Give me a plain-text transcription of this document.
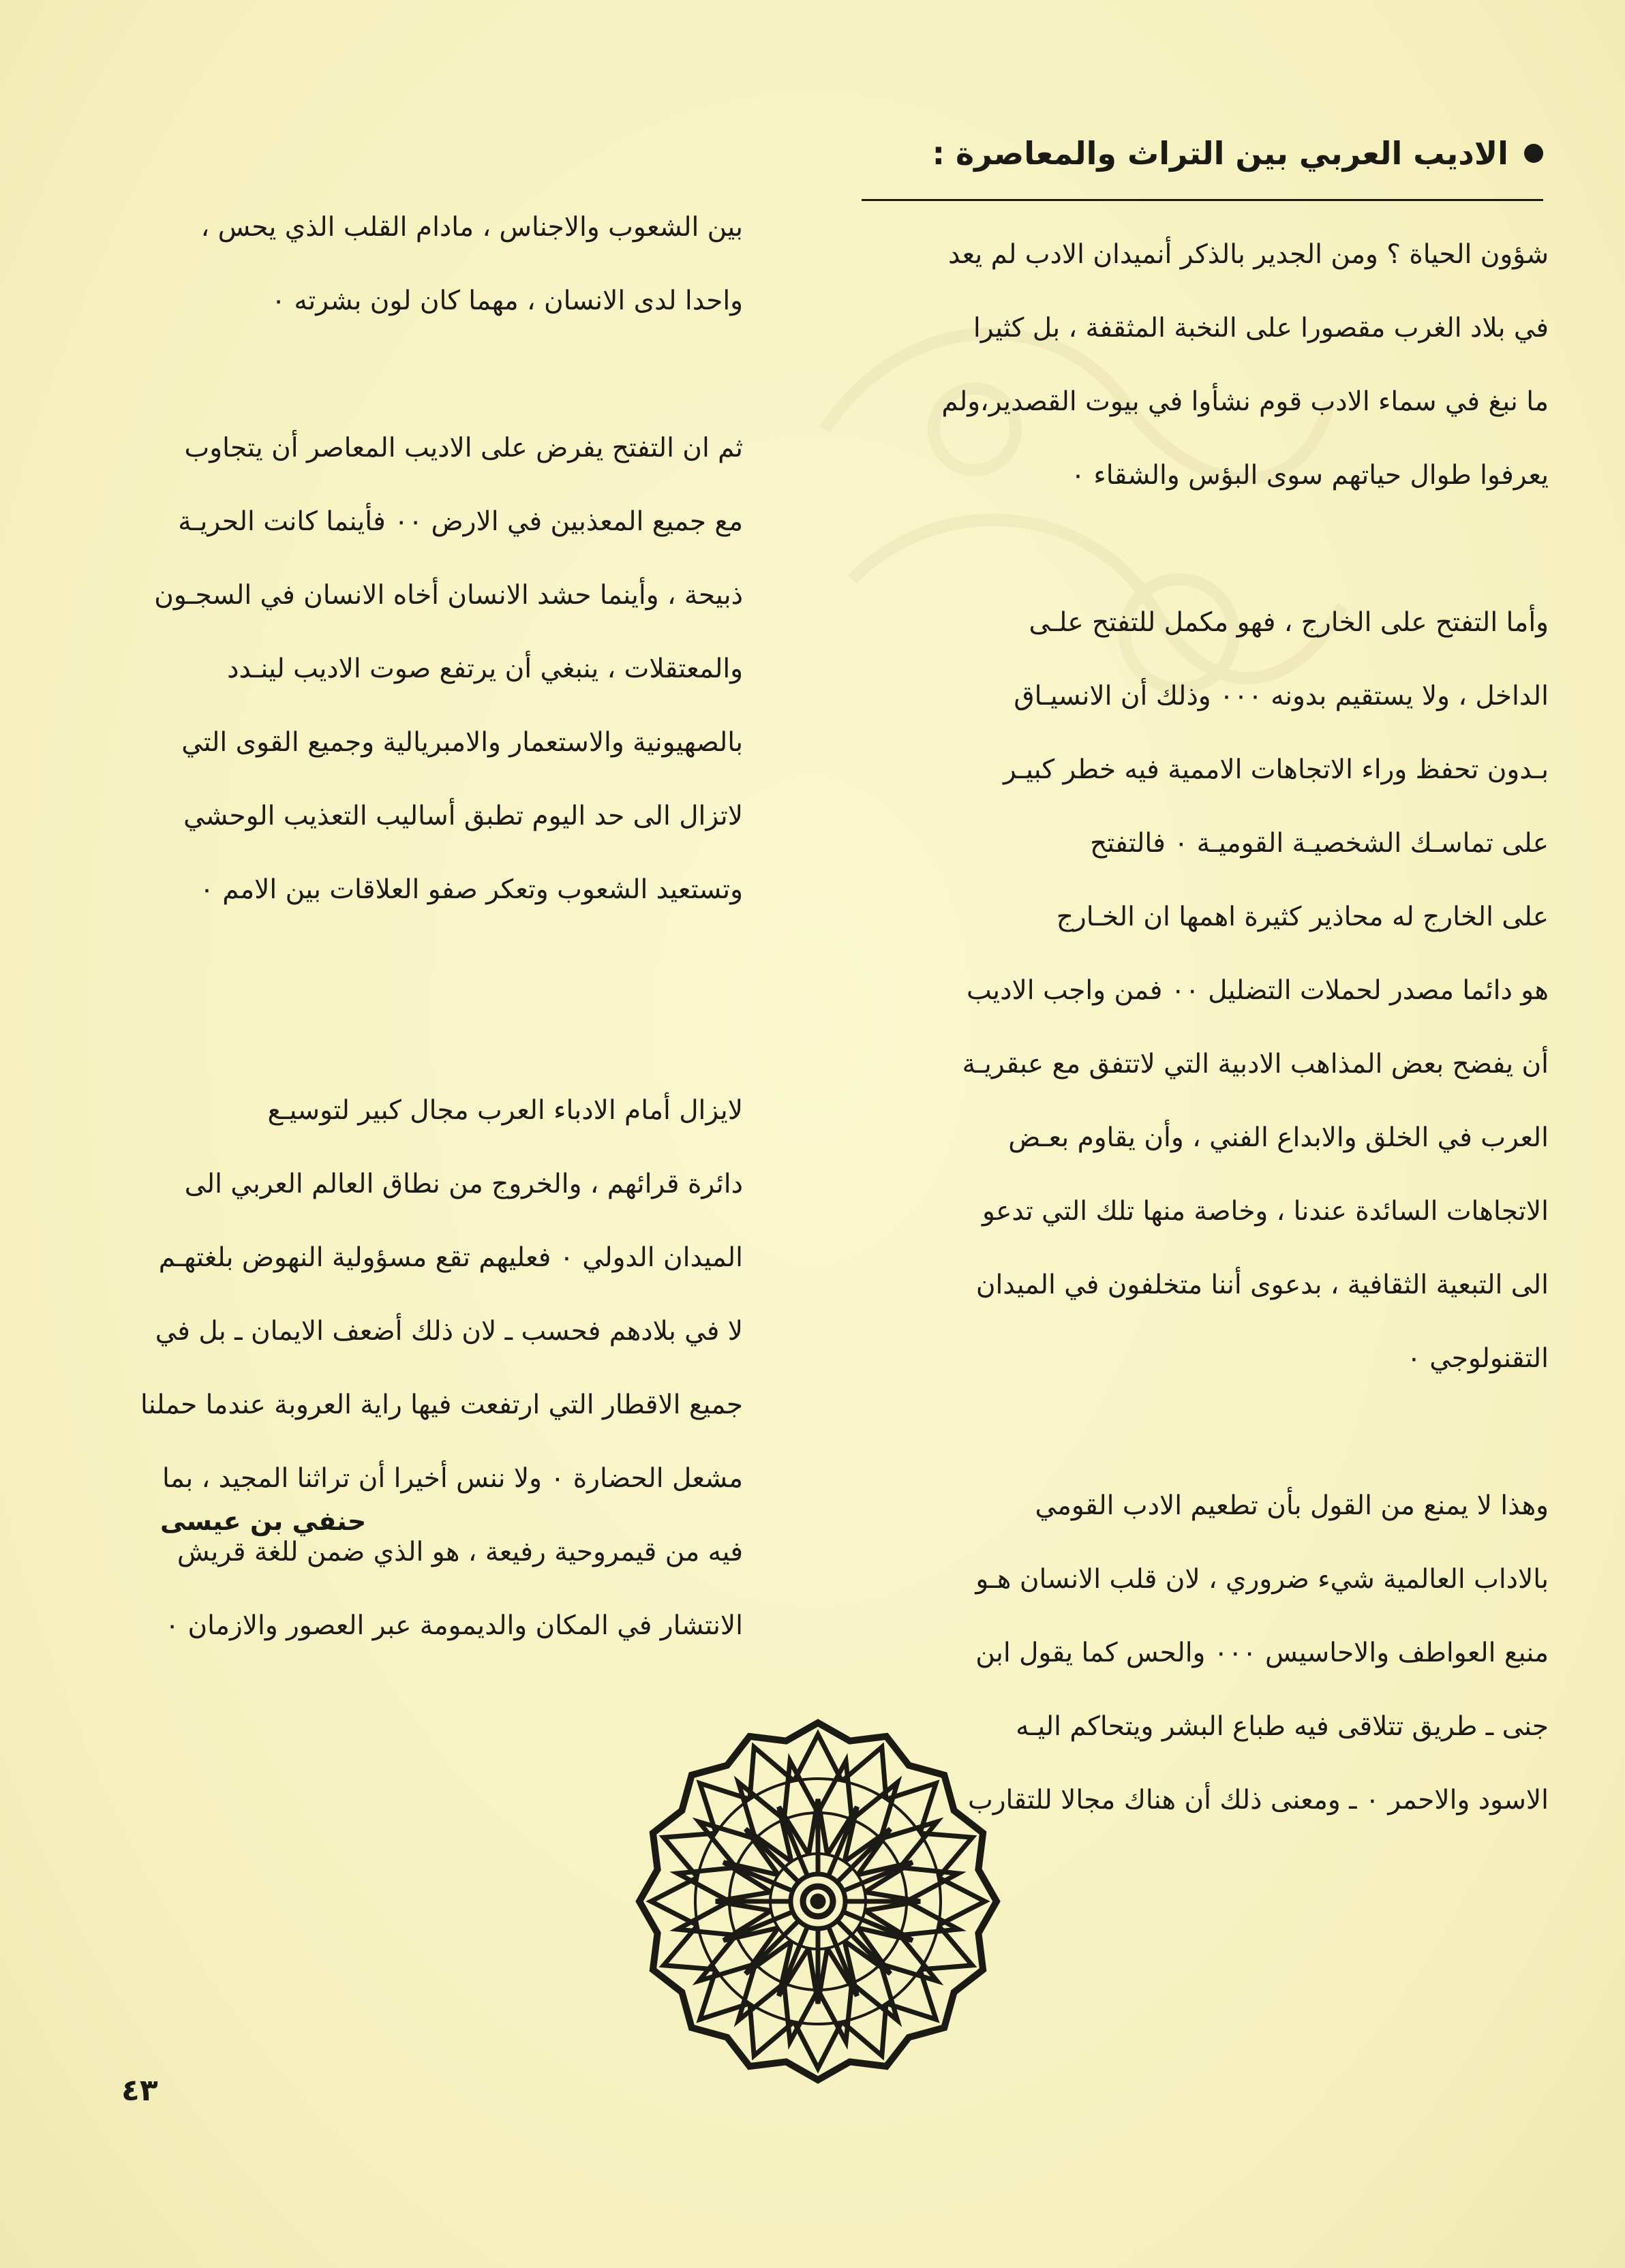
الاديب العربي بين التراث والمعاصرة :

شؤون الحياة ؟ ومن الجدير بالذكر أنميدان الادب لم يعد

في بلاد الغرب مقصورا على النخبة المثقفة ، بل كثيرا

ما نبغ في سماء الادب قوم نشأوا في بيوت القصدير،ولم

يعرفوا طوال حياتهم سوى البؤس والشقاء ٠

وأما التفتح على الخارج ، فهو مكمل للتفتح علـى

الداخل ، ولا يستقيم بدونه ٠٠٠ وذلك أن الانسيـاق

بـدون تحفظ وراء الاتجاهات الاممية فيه خطر كبيـر

على تماسـك الشخصيـة القوميـة ٠ فالتفتح

على الخارج له محاذير كثيرة اهمها ان الخـارج

هو دائما مصدر لحملات التضليل ٠٠ فمن واجب الاديب

أن يفضح بعض المذاهب الادبية التي لاتتفق مع عبقريـة

العرب في الخلق والابداع الفني ، وأن يقاوم بعـض

الاتجاهات السائدة عندنا ، وخاصة منها تلك التي تدعو

الى التبعية الثقافية ، بدعوى أننا متخلفون في الميدان

التقنولوجي ٠

وهذا لا يمنع من القول بأن تطعيم الادب القومي

بالاداب العالمية شيء ضروري ، لان قلب الانسان هـو

منبع العواطف والاحاسيس ٠٠٠ والحس كما يقول ابن

جنى ـ طريق تتلاقى فيه طباع البشر ويتحاكم اليـه

الاسود والاحمر ٠ ـ ومعنى ذلك أن هناك مجالا للتقارب

بين الشعوب والاجناس ، مادام القلب الذي يحس ،

واحدا لدى الانسان ، مهما كان لون بشرته ٠

ثم ان التفتح يفرض على الاديب المعاصر أن يتجاوب

مع جميع المعذبين في الارض ٠٠ فأينما كانت الحريـة

ذبيحة ، وأينما حشد الانسان أخاه الانسان في السجـون

والمعتقلات ، ينبغي أن يرتفع صوت الاديب لينـدد

بالصهيونية والاستعمار والامبريالية وجميع القوى التي

لاتزال الى حد اليوم تطبق أساليب التعذيب الوحشي

وتستعيد الشعوب وتعكر صفو العلاقات بين الامم ٠

لايزال أمام الادباء العرب مجال كبير لتوسيـع

دائرة قرائهم ، والخروج من نطاق العالم العربي الى

الميدان الدولي ٠ فعليهم تقع مسؤولية النهوض بلغتهـم

لا في بلادهم فحسب ـ لان ذلك أضعف الايمان ـ بل في

جميع الاقطار التي ارتفعت فيها راية العروبة عندما حملنا

مشعل الحضارة ٠ ولا ننس أخيرا أن تراثنا المجيد ، بما

فيه من قيمروحية رفيعة ، هو الذي ضمن للغة قريش

الانتشار في المكان والديمومة عبر العصور والازمان ٠

حنفي بن عيسى
٤٣
